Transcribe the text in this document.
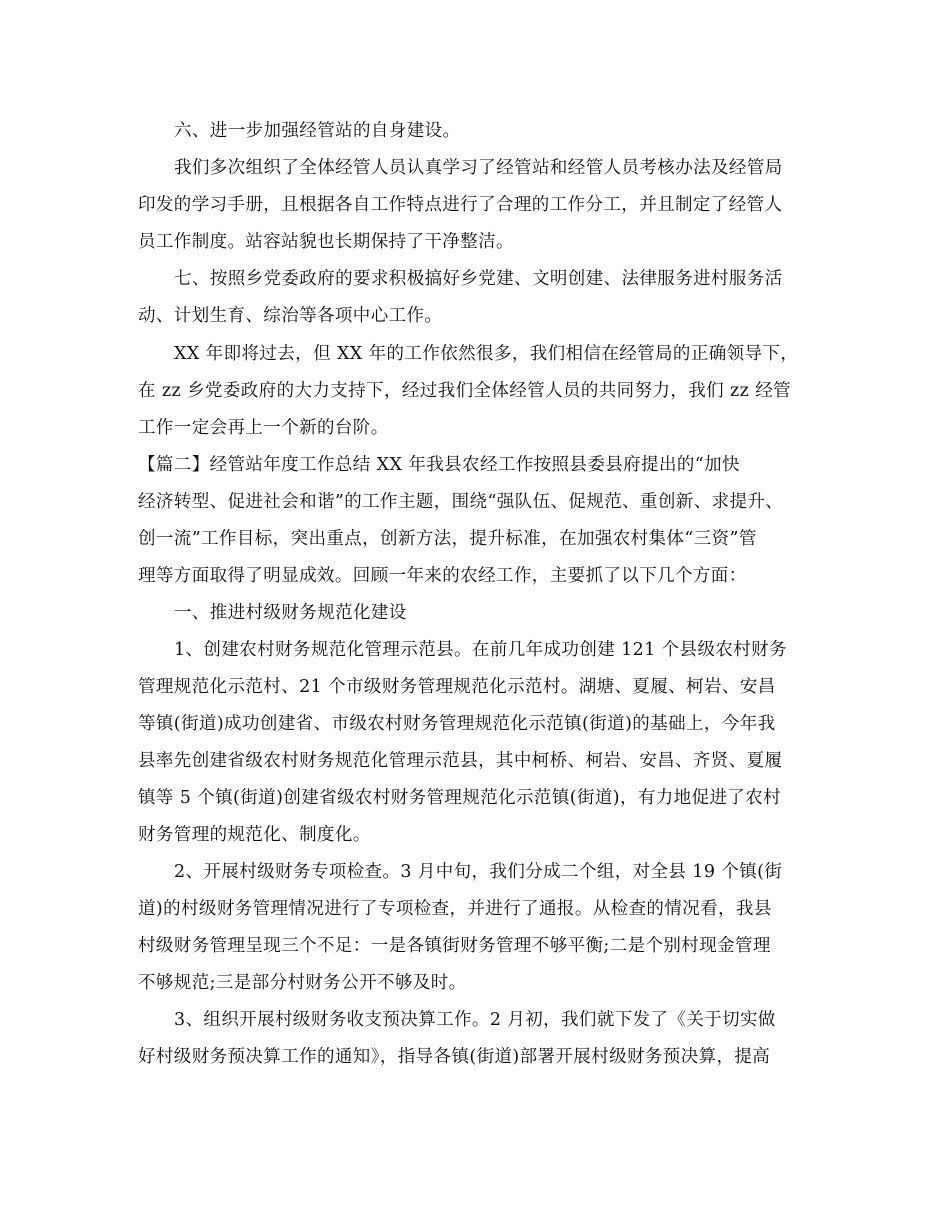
六、进一步加强经管站的自身建设。
我们多次组织了全体经管人员认真学习了经管站和经管人员考核办法及经管局
印发的学习手册，且根据各自工作特点进行了合理的工作分工，并且制定了经管人
员工作制度。站容站貌也长期保持了干净整洁。
七、按照乡党委政府的要求积极搞好乡党建、文明创建、法律服务进村服务活
动、计划生育、综治等各项中心工作。
XX 年即将过去，但 XX 年的工作依然很多，我们相信在经管局的正确领导下，
在 zz 乡党委政府的大力支持下，经过我们全体经管人员的共同努力，我们 zz 经管
工作一定会再上一个新的台阶。
【篇二】经管站年度工作总结 XX 年我县农经工作按照县委县府提出的“加快
经济转型、促进社会和谐”的工作主题，围绕“强队伍、促规范、重创新、求提升、
创一流”工作目标，突出重点，创新方法，提升标准，在加强农村集体“三资”管
理等方面取得了明显成效。回顾一年来的农经工作，主要抓了以下几个方面：
一、推进村级财务规范化建设
1、创建农村财务规范化管理示范县。在前几年成功创建 121 个县级农村财务
管理规范化示范村、21 个市级财务管理规范化示范村。湖塘、夏履、柯岩、安昌
等镇(街道)成功创建省、市级农村财务管理规范化示范镇(街道)的基础上，今年我
县率先创建省级农村财务规范化管理示范县，其中柯桥、柯岩、安昌、齐贤、夏履
镇等 5 个镇(街道)创建省级农村财务管理规范化示范镇(街道)，有力地促进了农村
财务管理的规范化、制度化。
2、开展村级财务专项检查。3 月中旬，我们分成二个组，对全县 19 个镇(街
道)的村级财务管理情况进行了专项检查，并进行了通报。从检查的情况看，我县
村级财务管理呈现三个不足：一是各镇街财务管理不够平衡;二是个别村现金管理
不够规范;三是部分村财务公开不够及时。
3、组织开展村级财务收支预决算工作。2 月初，我们就下发了《关于切实做
好村级财务预决算工作的通知》，指导各镇(街道)部署开展村级财务预决算，提高
